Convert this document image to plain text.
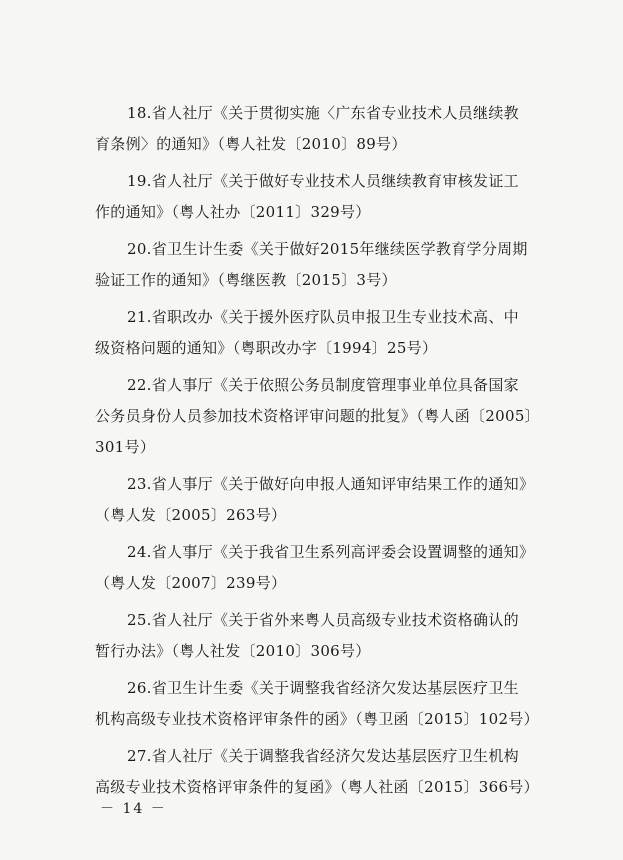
18.省人社厅《关于贯彻实施〈广东省专业技术人员继续教
育条例〉的通知》（粤人社发〔2010〕89号）
19.省人社厅《关于做好专业技术人员继续教育审核发证工
作的通知》（粤人社办〔2011〕329号）
20.省卫生计生委《关于做好2015年继续医学教育学分周期
验证工作的通知》（粤继医教〔2015〕3号）
21.省职改办《关于援外医疗队员申报卫生专业技术高、中
级资格问题的通知》（粤职改办字〔1994〕25号）
22.省人事厅《关于依照公务员制度管理事业单位具备国家
公务员身份人员参加技术资格评审问题的批复》（粤人函〔2005〕
301号）
23.省人事厅《关于做好向申报人通知评审结果工作的通知》
（粤人发〔2005〕263号）
24.省人事厅《关于我省卫生系列高评委会设置调整的通知》
（粤人发〔2007〕239号）
25.省人社厅《关于省外来粤人员高级专业技术资格确认的
暂行办法》（粤人社发〔2010〕306号）
26.省卫生计生委《关于调整我省经济欠发达基层医疗卫生
机构高级专业技术资格评审条件的函》（粤卫函〔2015〕102号）
27.省人社厅《关于调整我省经济欠发达基层医疗卫生机构
高级专业技术资格评审条件的复函》（粤人社函〔2015〕366号）
－ 14 －
